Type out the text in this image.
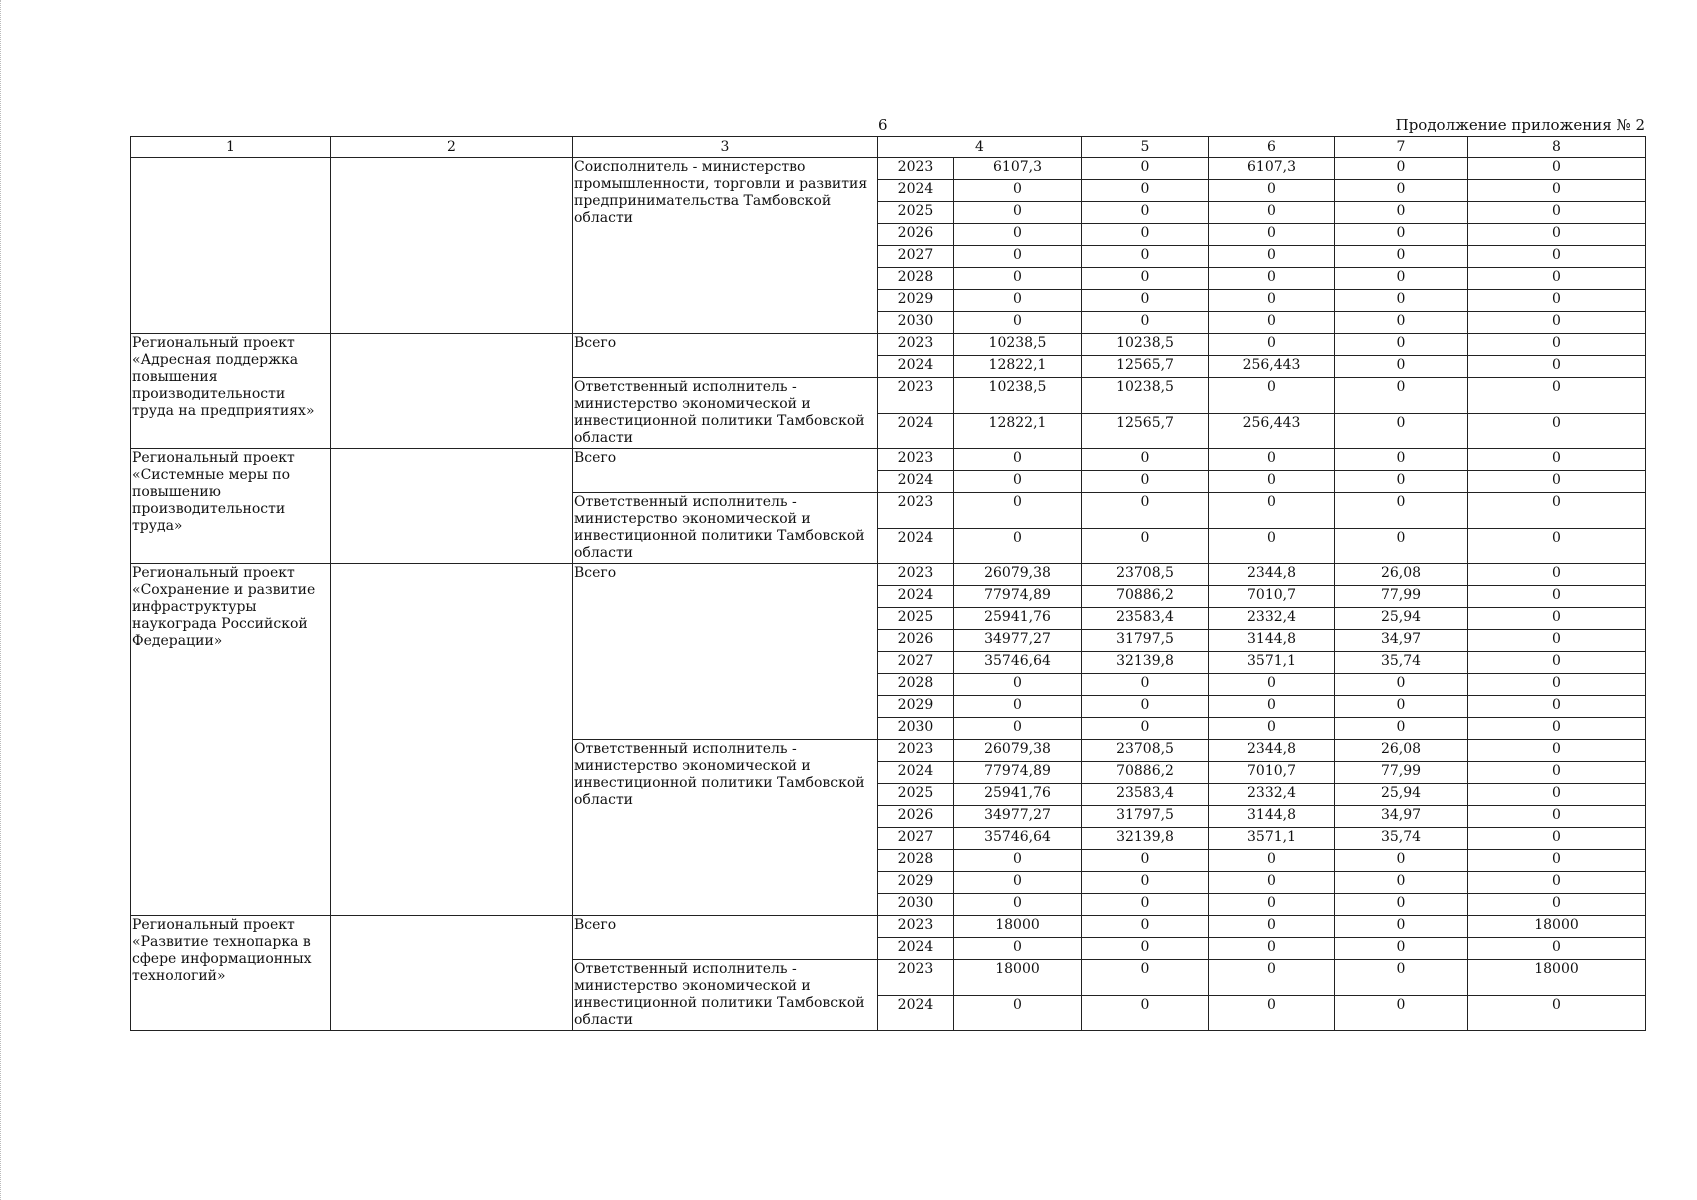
6	Продолжение приложения № 2
1	2	3	4		5	6	7	8
		Соисполнитель - министерство промышленности, торговли и развития предпринимательства Тамбовской области	2023	6107,3	0	6107,3	0	0
			2024	0	0	0	0	0
			2025	0	0	0	0	0
			2026	0	0	0	0	0
			2027	0	0	0	0	0
			2028	0	0	0	0	0
			2029	0	0	0	0	0
			2030	0	0	0	0	0
Региональный проект «Адресная поддержка повышения производительности труда на предприятиях»		Всего	2023	10238,5	10238,5	0	0	0
			2024	12822,1	12565,7	256,443	0	0
		Ответственный исполнитель - министерство экономической и инвестиционной политики Тамбовской области	2023	10238,5	10238,5	0	0	0
			2024	12822,1	12565,7	256,443	0	0
Региональный проект «Системные меры по повышению производительности труда»		Всего	2023	0	0	0	0	0
			2024	0	0	0	0	0
		Ответственный исполнитель - министерство экономической и инвестиционной политики Тамбовской области	2023	0	0	0	0	0
			2024	0	0	0	0	0
Региональный проект «Сохранение и развитие инфраструктуры наукограда Российской Федерации»		Всего	2023	26079,38	23708,5	2344,8	26,08	0
			2024	77974,89	70886,2	7010,7	77,99	0
			2025	25941,76	23583,4	2332,4	25,94	0
			2026	34977,27	31797,5	3144,8	34,97	0
			2027	35746,64	32139,8	3571,1	35,74	0
			2028	0	0	0	0	0
			2029	0	0	0	0	0
			2030	0	0	0	0	0
		Ответственный исполнитель - министерство экономической и инвестиционной политики Тамбовской области	2023	26079,38	23708,5	2344,8	26,08	0
			2024	77974,89	70886,2	7010,7	77,99	0
			2025	25941,76	23583,4	2332,4	25,94	0
			2026	34977,27	31797,5	3144,8	34,97	0
			2027	35746,64	32139,8	3571,1	35,74	0
			2028	0	0	0	0	0
			2029	0	0	0	0	0
			2030	0	0	0	0	0
Региональный проект «Развитие технопарка в сфере информационных технологий»		Всего	2023	18000	0	0	0	18000
			2024	0	0	0	0	0
		Ответственный исполнитель - министерство экономической и инвестиционной политики Тамбовской области	2023	18000	0	0	0	18000
			2024	0	0	0	0	0
